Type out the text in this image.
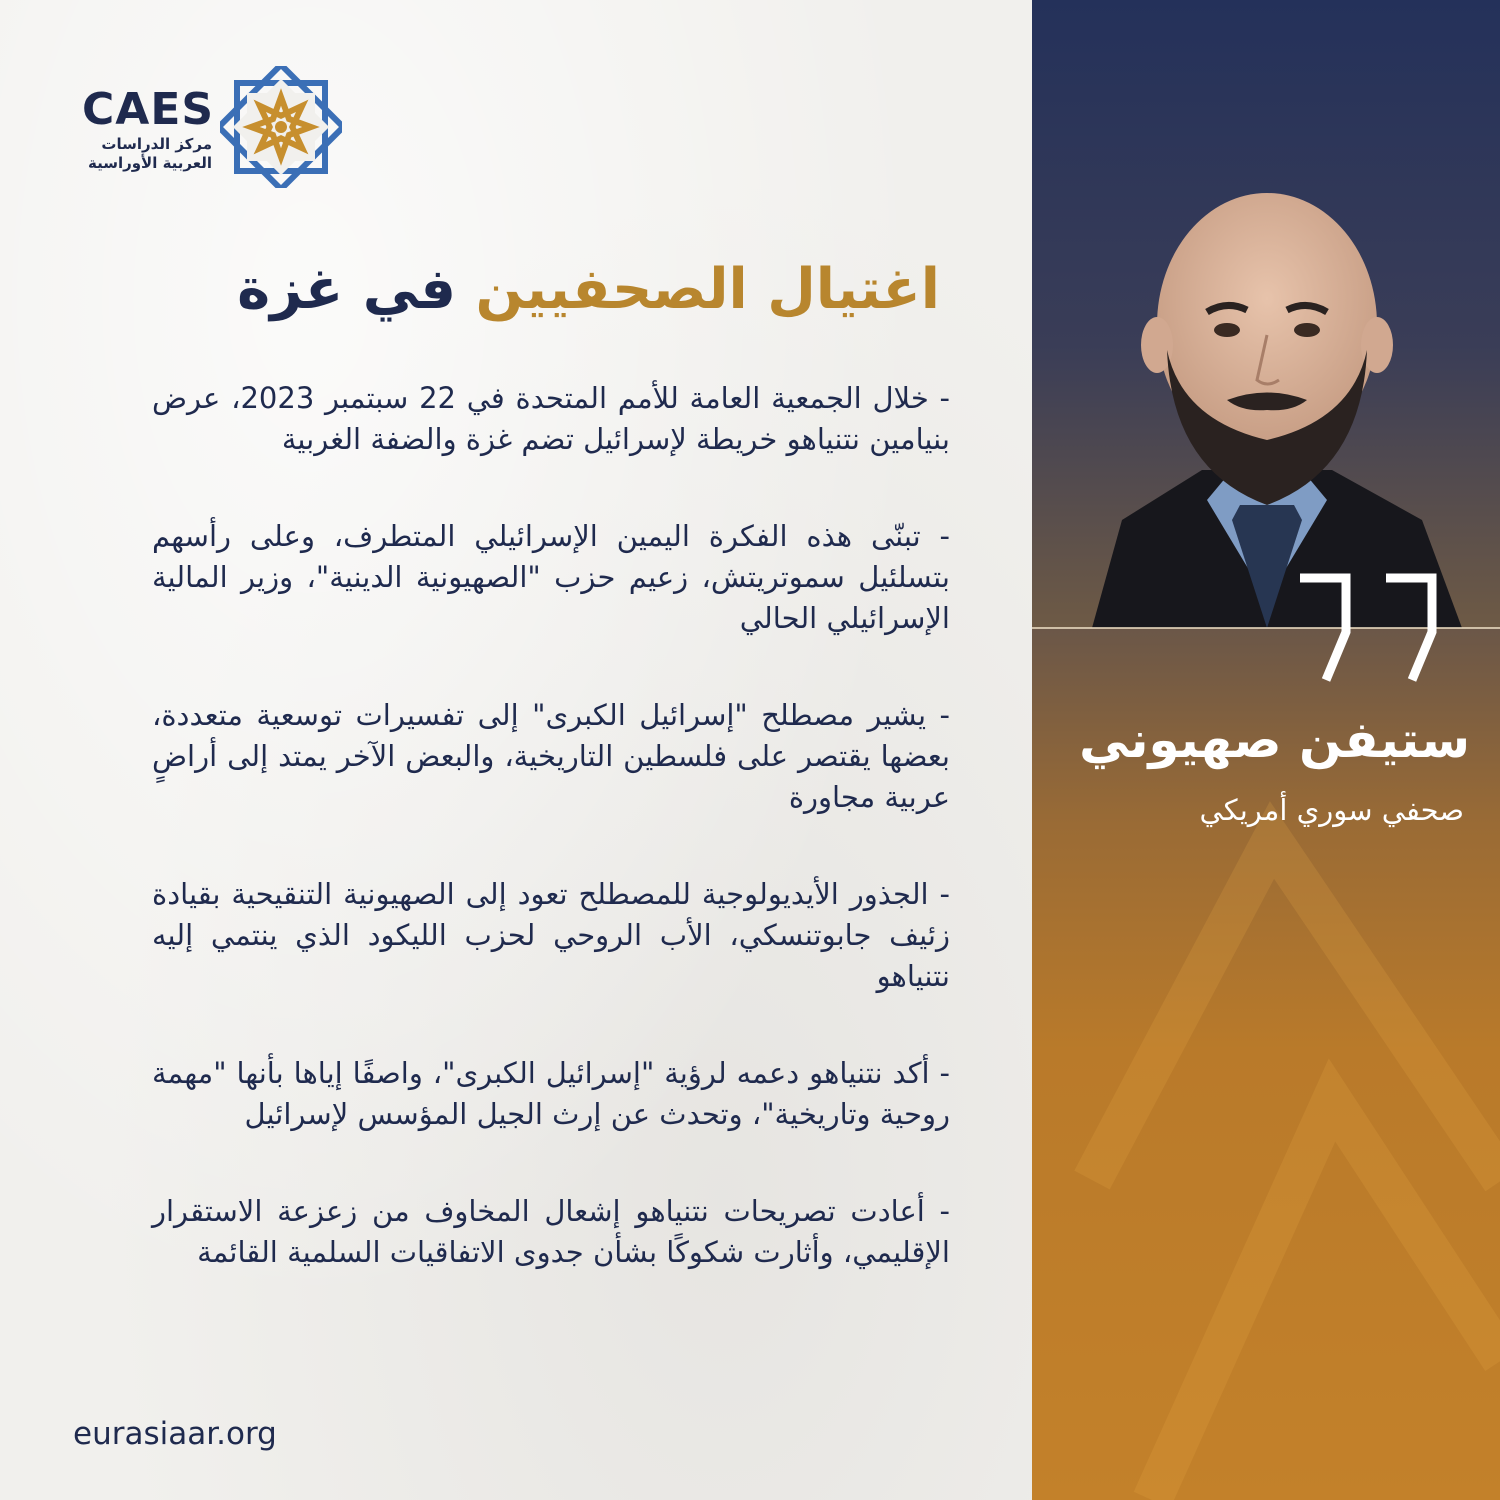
CAES
مركز الدراسات
العربية الأوراسية
اغتيال الصحفيين في غزة

- خلال الجمعية العامة للأمم المتحدة في 22 سبتمبر 2023، عرض بنيامين نتنياهو خريطة لإسرائيل تضم غزة والضفة الغربية

- تبنّى هذه الفكرة اليمين الإسرائيلي المتطرف، وعلى رأسهم بتسلئيل سموتريتش، زعيم حزب "الصهيونية الدينية"، وزير المالية الإسرائيلي الحالي

- يشير مصطلح "إسرائيل الكبرى" إلى تفسيرات توسعية متعددة، بعضها يقتصر على فلسطين التاريخية، والبعض الآخر يمتد إلى أراضٍ عربية مجاورة

- الجذور الأيديولوجية للمصطلح تعود إلى الصهيونية التنقيحية بقيادة زئيف جابوتنسكي، الأب الروحي لحزب الليكود الذي ينتمي إليه نتنياهو

- أكد نتنياهو دعمه لرؤية "إسرائيل الكبرى"، واصفًا إياها بأنها "مهمة روحية وتاريخية"، وتحدث عن إرث الجيل المؤسس لإسرائيل

- أعادت تصريحات نتنياهو إشعال المخاوف من زعزعة الاستقرار الإقليمي، وأثارت شكوكًا بشأن جدوى الاتفاقيات السلمية القائمة

eurasiaar.org
ستيفن صهيوني
صحفي سوري أمريكي
